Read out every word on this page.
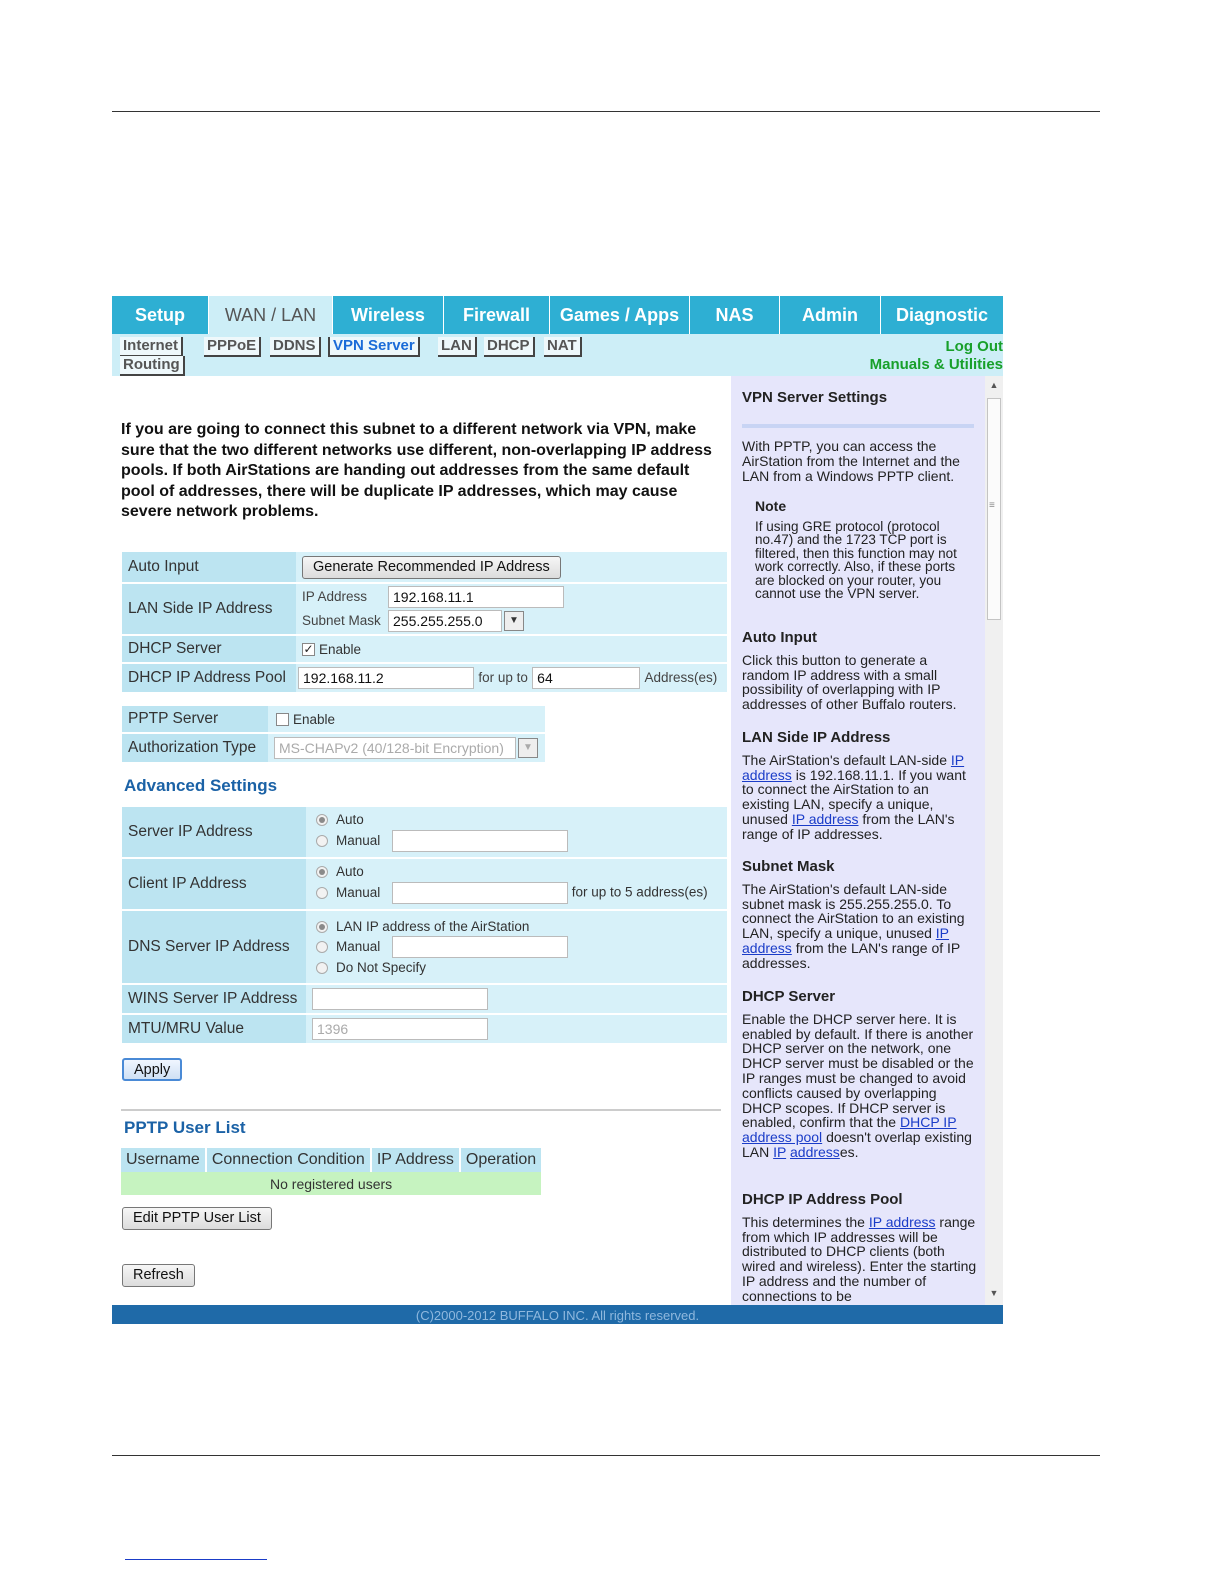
Setup	WAN / LAN	Wireless	Firewall	Games / Apps	NAS	Admin	Diagnostic
Internet	PPPoE	DDNS	VPN Server	LAN	DHCP	NAT
Routing
Log Out
Manuals & Utilities
If you are going to connect this subnet to a different network via VPN, make sure that the two different networks use different, non-overlapping IP address pools. If both AirStations are handing out addresses from the same default pool of addresses, there will be duplicate IP addresses, which may cause severe network problems.
Auto Input	Generate Recommended IP Address
LAN Side IP Address	IP Address 192.168.11.1
Subnet Mask 255.255.255.0 ▼

DHCP Server	✓ Enable
DHCP IP Address Pool	192.168.11.2 for up to 64 Address(es)
PPTP Server	Enable
Authorization Type	MS-CHAPv2 (40/128-bit Encryption) ▼
Advanced Settings
Server IP Address	Auto
Manual

Client IP Address	Auto
Manual for up to 5 address(es)

DNS Server IP Address	LAN IP address of the AirStation
Manual
Do Not Specify

WINS Server IP Address	
MTU/MRU Value	1396
Apply
PPTP User List
Username	Connection Condition	IP Address	Operation
No registered users
Edit PPTP User List
Refresh
VPN Server Settings

With PPTP, you can access the AirStation from the Internet and the LAN from a Windows PPTP client.

Note

If using GRE protocol (protocol no.47) and the 1723 TCP port is filtered, then this function may not work correctly. Also, if these ports are blocked on your router, you cannot use the VPN server.

Auto Input

Click this button to generate a random IP address with a small possibility of overlapping with IP addresses of other Buffalo routers.

LAN Side IP Address

The AirStation's default LAN-side IP address is 192.168.11.1. If you want to connect the AirStation to an existing LAN, specify a unique, unused IP address from the LAN's range of IP addresses.

Subnet Mask

The AirStation's default LAN-side subnet mask is 255.255.255.0. To connect the AirStation to an existing LAN, specify a unique, unused IP address from the LAN's range of IP addresses.

DHCP Server

Enable the DHCP server here. It is enabled by default. If there is another DHCP server on the network, one DHCP server must be disabled or the IP ranges must be changed to avoid conflicts caused by overlapping DHCP scopes. If DHCP server is enabled, confirm that the DHCP IP address pool doesn't overlap existing LAN IP addresses.

DHCP IP Address Pool

This determines the IP address range from which IP addresses will be distributed to DHCP clients (both wired and wireless). Enter the starting IP address and the number of connections to be

▲
≡
▼
(C)2000-2012 BUFFALO INC. All rights reserved.
